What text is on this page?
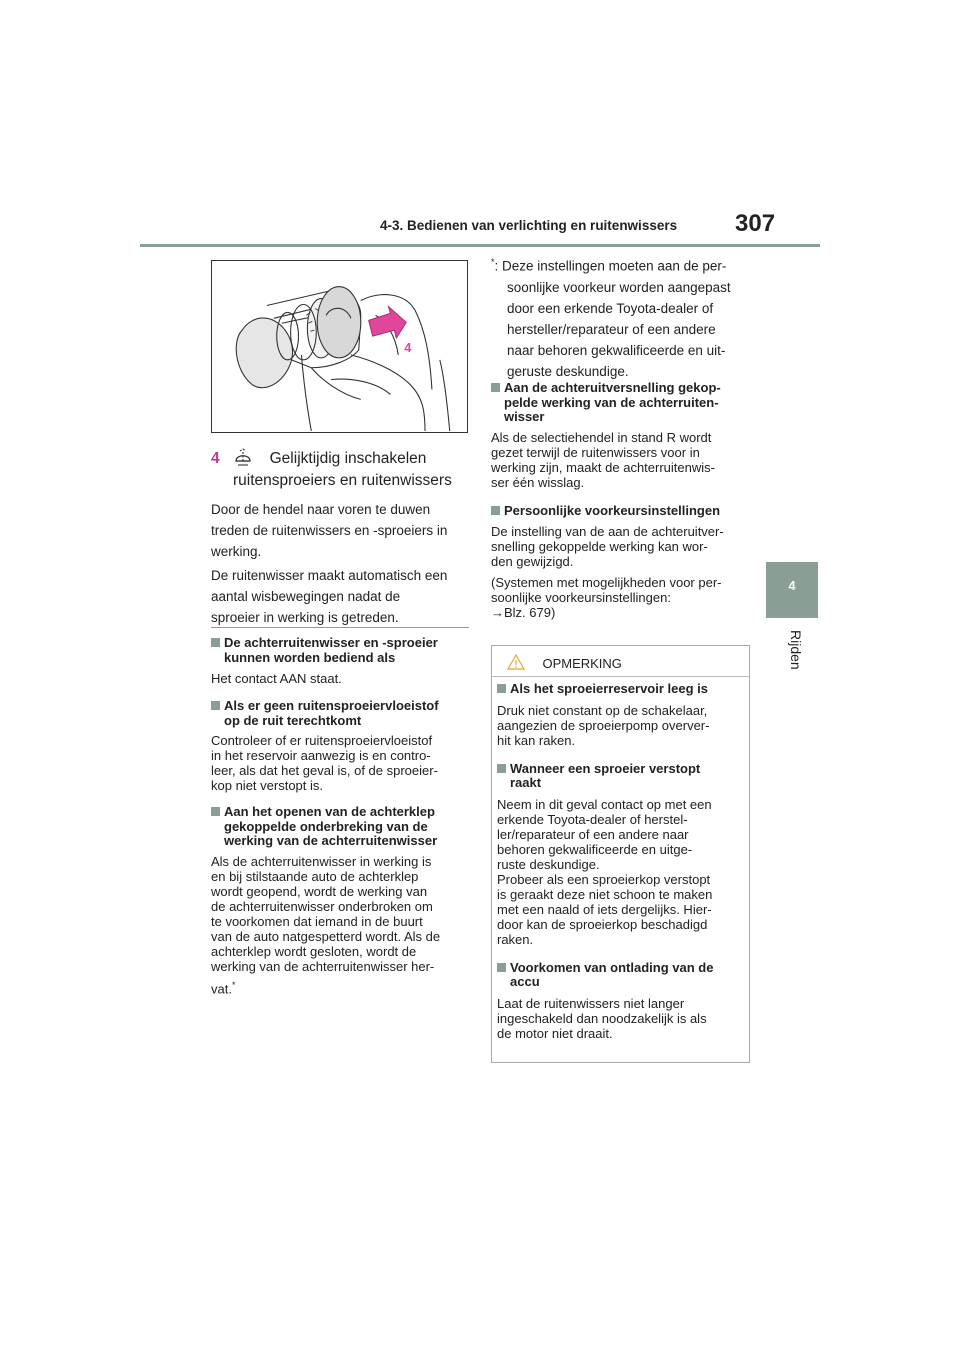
4-3. Bedienen van verlichting en ruitenwissers 307
4
Rijden
4
4	Gelijktijdig inschakelen
ruitensproeiers en ruitenwissers
Door de hendel naar voren te duwen
treden de ruitenwissers en -sproeiers in
werking.
De ruitenwisser maakt automatisch een
aantal wisbewegingen nadat de
sproeier in werking is getreden.
De achterruitenwisser en -sproeier
kunnen worden bediend als
Het contact AAN staat.
Als er geen ruitensproeiervloeistof
op de ruit terechtkomt
Controleer of er ruitensproeiervloeistof
in het reservoir aanwezig is en contro-
leer, als dat het geval is, of de sproeier-
kop niet verstopt is.
Aan het openen van de achterklep
gekoppelde onderbreking van de
werking van de achterruitenwisser
Als de achterruitenwisser in werking is
en bij stilstaande auto de achterklep
wordt geopend, wordt de werking van
de achterruitenwisser onderbroken om
te voorkomen dat iemand in de buurt
van de auto natgespetterd wordt. Als de
achterklep wordt gesloten, wordt de
werking van de achterruitenwisser her-
vat.*
*: Deze instellingen moeten aan de per-
soonlijke voorkeur worden aangepast
door een erkende Toyota-dealer of
hersteller/reparateur of een andere
naar behoren gekwalificeerde en uit-
geruste deskundige.
Aan de achteruitversnelling gekop-
pelde werking van de achterruiten-
wisser
Als de selectiehendel in stand R wordt
gezet terwijl de ruitenwissers voor in
werking zijn, maakt de achterruitenwis-
ser één wisslag.
Persoonlijke voorkeursinstellingen
De instelling van de aan de achteruitver-
snelling gekoppelde werking kan wor-
den gewijzigd.
(Systemen met mogelijkheden voor per-
soonlijke voorkeursinstellingen:
→Blz. 679)
OPMERKING
Als het sproeierreservoir leeg is
Druk niet constant op de schakelaar,
aangezien de sproeierpomp overver-
hit kan raken.
Wanneer een sproeier verstopt
raakt
Neem in dit geval contact op met een
erkende Toyota-dealer of herstel-
ler/reparateur of een andere naar
behoren gekwalificeerde en uitge-
ruste deskundige.
Probeer als een sproeierkop verstopt
is geraakt deze niet schoon te maken
met een naald of iets dergelijks. Hier-
door kan de sproeierkop beschadigd
raken.
Voorkomen van ontlading van de
accu
Laat de ruitenwissers niet langer
ingeschakeld dan noodzakelijk is als
de motor niet draait.
